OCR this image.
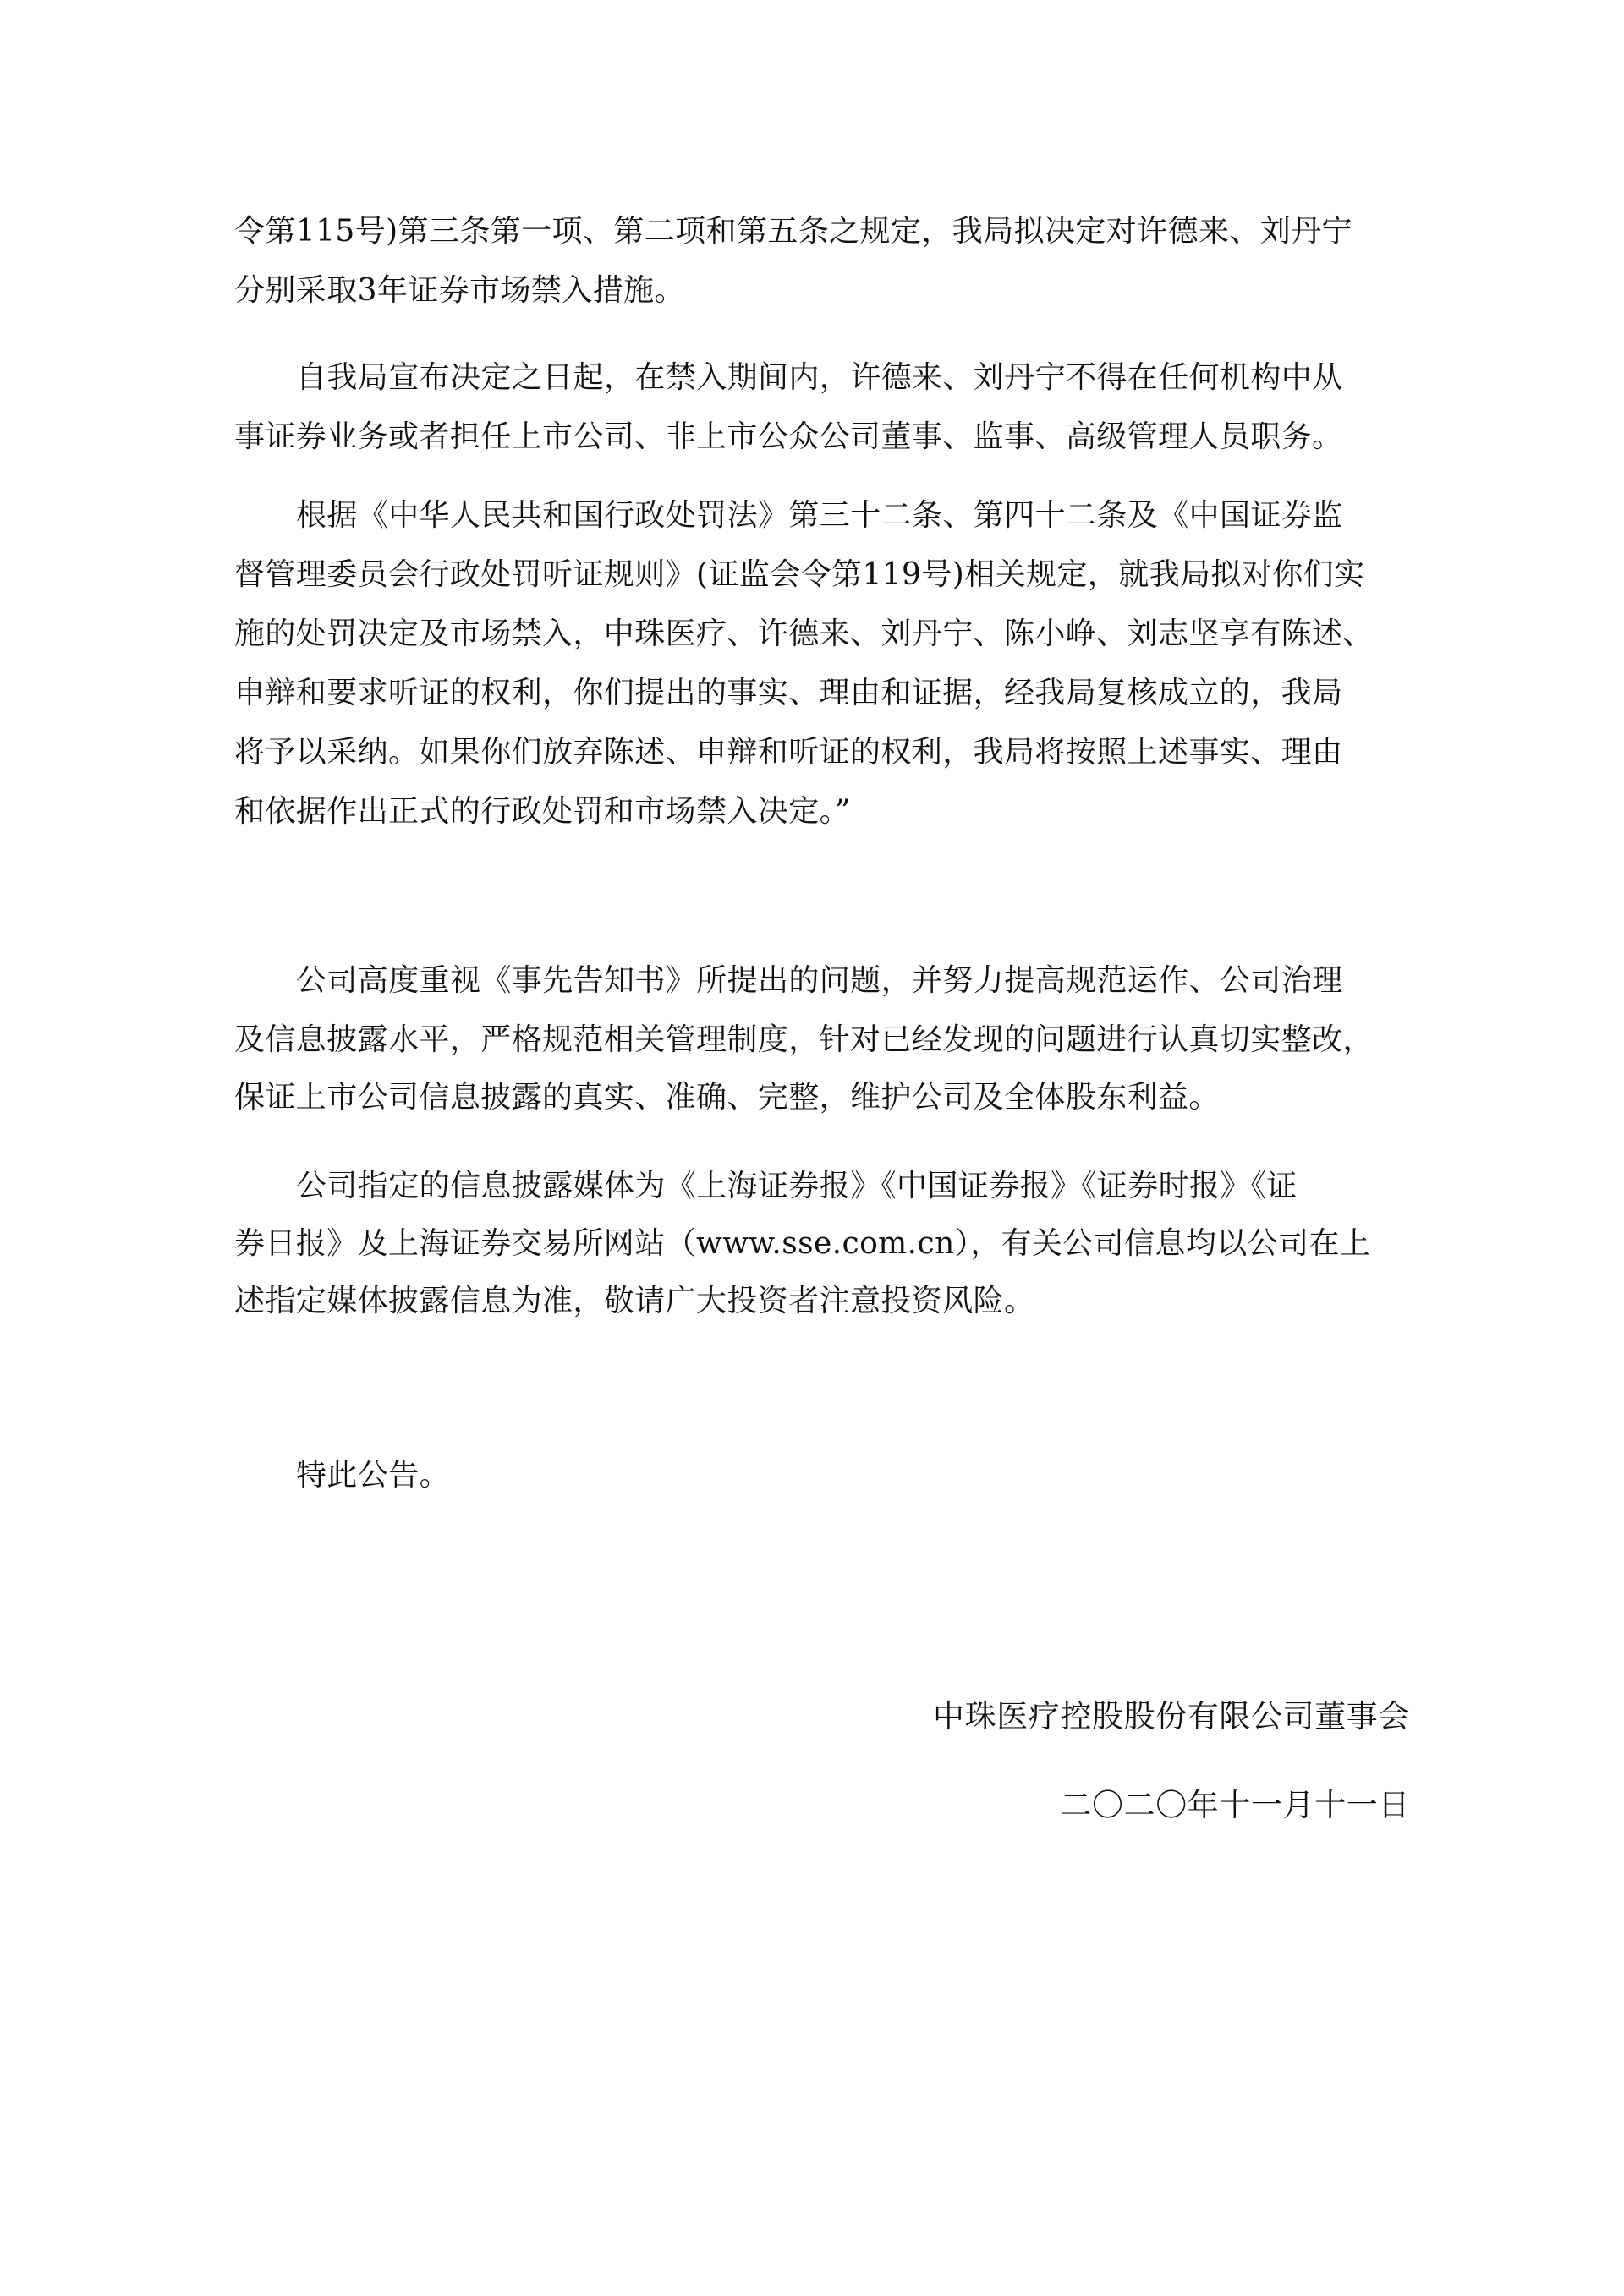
令第115号)第三条第一项、第二项和第五条之规定，我局拟决定对许德来、刘丹宁
分别采取3年证券市场禁入措施。
自我局宣布决定之日起，在禁入期间内，许德来、刘丹宁不得在任何机构中从
事证券业务或者担任上市公司、非上市公众公司董事、监事、高级管理人员职务。
根据《中华人民共和国行政处罚法》第三十二条、第四十二条及《中国证券监
督管理委员会行政处罚听证规则》(证监会令第119号)相关规定，就我局拟对你们实
施的处罚决定及市场禁入，中珠医疗、许德来、刘丹宁、陈小峥、刘志坚享有陈述、
申辩和要求听证的权利，你们提出的事实、理由和证据，经我局复核成立的，我局
将予以采纳。如果你们放弃陈述、申辩和听证的权利，我局将按照上述事实、理由
和依据作出正式的行政处罚和市场禁入决定。”
公司高度重视《事先告知书》所提出的问题，并努力提高规范运作、公司治理
及信息披露水平，严格规范相关管理制度，针对已经发现的问题进行认真切实整改，
保证上市公司信息披露的真实、准确、完整，维护公司及全体股东利益。
公司指定的信息披露媒体为《上海证券报》《中国证券报》《证券时报》《证
券日报》及上海证券交易所网站（www.sse.com.cn），有关公司信息均以公司在上
述指定媒体披露信息为准，敬请广大投资者注意投资风险。
特此公告。
中珠医疗控股股份有限公司董事会
二〇二〇年十一月十一日
